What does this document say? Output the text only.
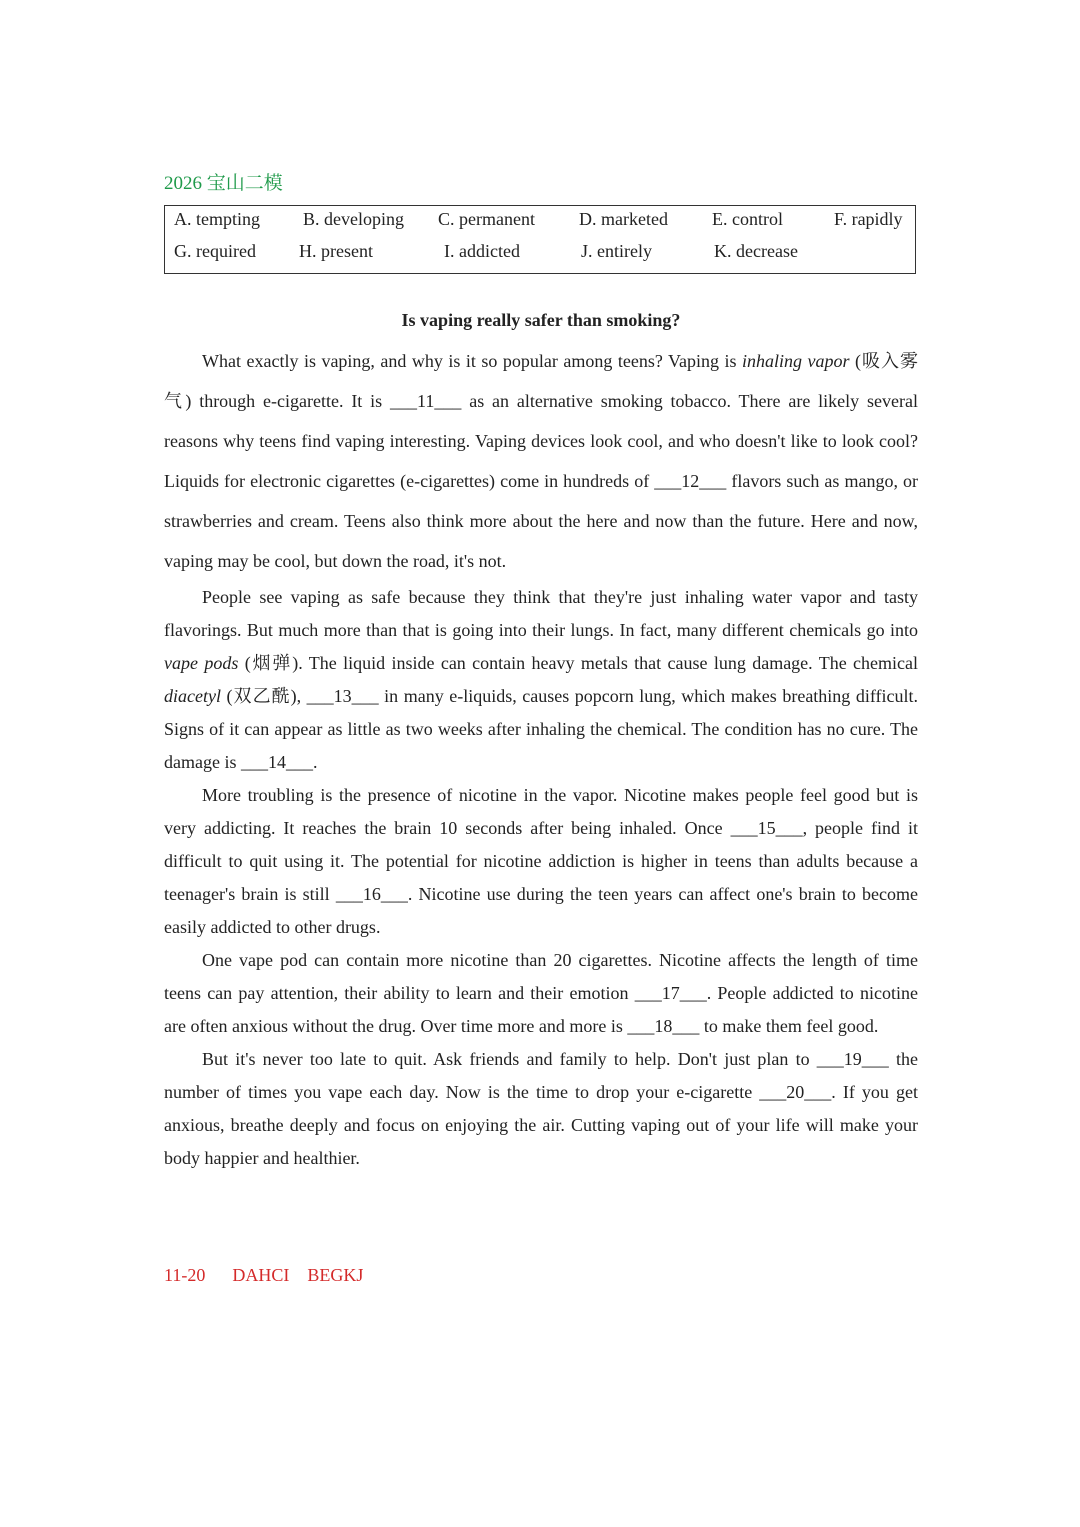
2026 宝山二模
A. tempting B. developing C. permanent D. marketed E. control	F. rapidly
G. required H. present	I. addicted	J. entirely	K. decrease
Is vaping really safer than smoking?

What exactly is vaping, and why is it so popular among teens? Vaping is inhaling vapor (吸入雾气) through e-cigarette. It is ___11___ as an alternative smoking tobacco. There are likely several reasons why teens find vaping interesting. Vaping devices look cool, and who doesn't like to look cool? Liquids for electronic cigarettes (e-cigarettes) come in hundreds of ___12___ flavors such as mango, or strawberries and cream. Teens also think more about the here and now than the future. Here and now, vaping may be cool, but down the road, it's not.

People see vaping as safe because they think that they're just inhaling water vapor and tasty flavorings. But much more than that is going into their lungs. In fact, many different chemicals go into vape pods (烟弹). The liquid inside can contain heavy metals that cause lung damage. The chemical diacetyl (双乙酰), ___13___ in many e-liquids, causes popcorn lung, which makes breathing difficult. Signs of it can appear as little as two weeks after inhaling the chemical. The condition has no cure. The damage is ___14___.

More troubling is the presence of nicotine in the vapor. Nicotine makes people feel good but is very addicting. It reaches the brain 10 seconds after being inhaled. Once ___15___, people find it difficult to quit using it. The potential for nicotine addiction is higher in teens than adults because a teenager's brain is still ___16___. Nicotine use during the teen years can affect one's brain to become easily addicted to other drugs.

One vape pod can contain more nicotine than 20 cigarettes. Nicotine affects the length of time teens can pay attention, their ability to learn and their emotion ___17___. People addicted to nicotine are often anxious without the drug. Over time more and more is ___18___ to make them feel good.

But it's never too late to quit. Ask friends and family to help. Don't just plan to ___19___ the number of times you vape each day. Now is the time to drop your e-cigarette ___20___. If you get anxious, breathe deeply and focus on enjoying the air. Cutting vaping out of your life will make your body happier and healthier.

11-20 DAHCI BEGKJ
